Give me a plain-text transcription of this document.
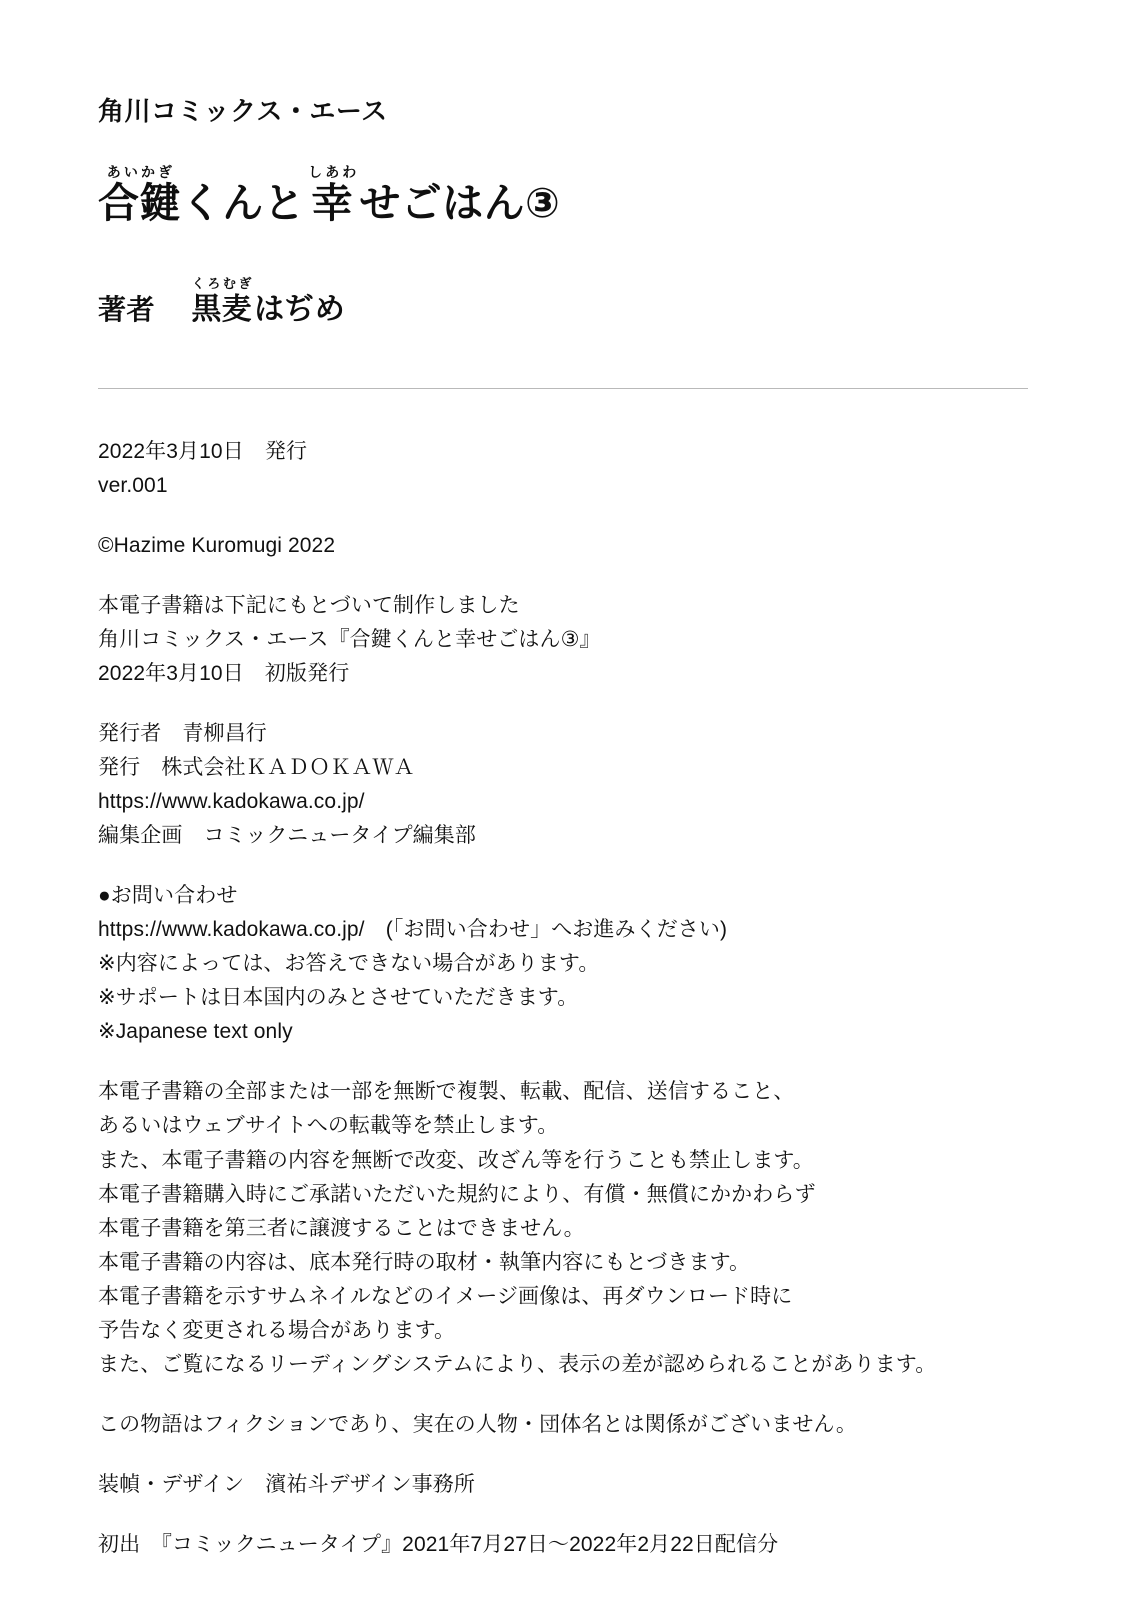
角川コミックス・エース
あいかぎ
合鍵 くんと
しあわ
幸 せごはん③
著者
くろむぎ
黒麦 はぢめ
2022年3月10日　発行
ver.001
©Hazime Kuromugi 2022
本電子書籍は下記にもとづいて制作しました
角川コミックス・エース『合鍵くんと幸せごはん③』
2022年3月10日　初版発行
発行者　青柳昌行
発行　株式会社ＫＡＤＯＫＡＷＡ
https://www.kadokawa.co.jp/
編集企画　コミックニュータイプ編集部
●お問い合わせ
https://www.kadokawa.co.jp/　(「お問い合わせ」へお進みください)
※内容によっては、お答えできない場合があります。
※サポートは日本国内のみとさせていただきます。
※Japanese text only
本電子書籍の全部または一部を無断で複製、転載、配信、送信すること、
あるいはウェブサイトへの転載等を禁止します。
また、本電子書籍の内容を無断で改変、改ざん等を行うことも禁止します。
本電子書籍購入時にご承諾いただいた規約により、有償・無償にかかわらず
本電子書籍を第三者に譲渡することはできません。
本電子書籍の内容は、底本発行時の取材・執筆内容にもとづきます。
本電子書籍を示すサムネイルなどのイメージ画像は、再ダウンロード時に
予告なく変更される場合があります。
また、ご覧になるリーディングシステムにより、表示の差が認められることがあります。
この物語はフィクションであり、実在の人物・団体名とは関係がございません。
装幀・デザイン　濱祐斗デザイン事務所
初出　『コミックニュータイプ』2021年7月27日〜2022年2月22日配信分
